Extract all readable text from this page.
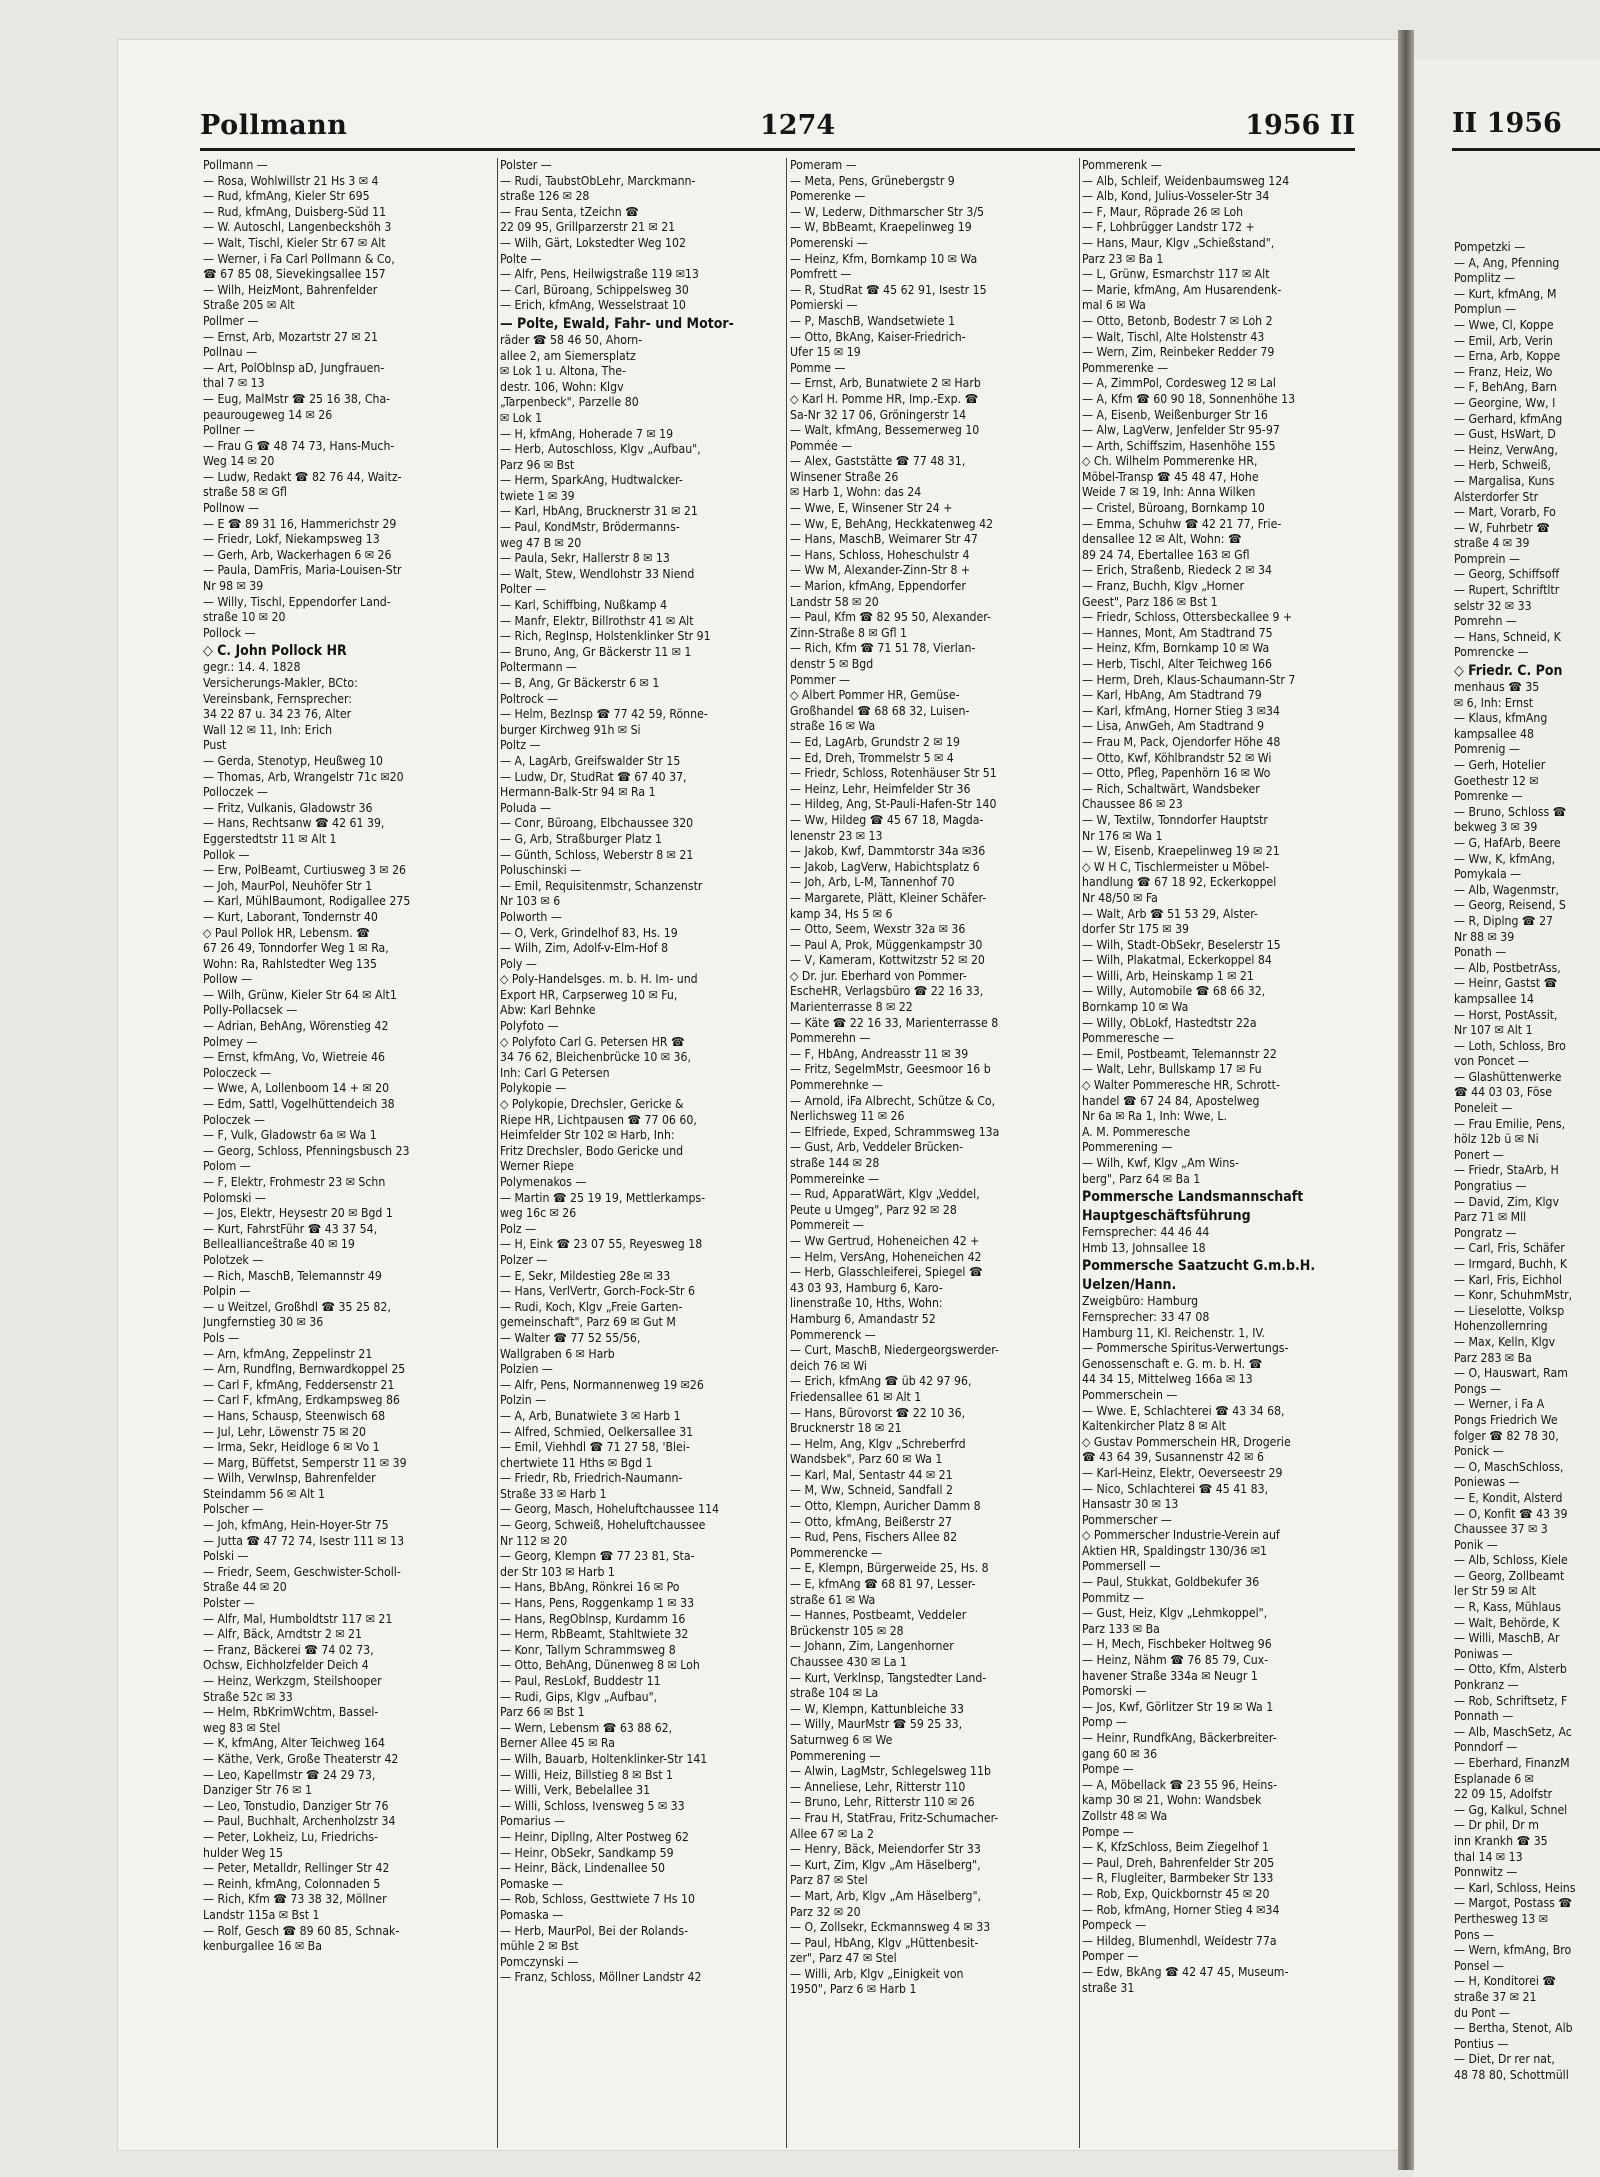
Pollmann	1274	1956 II
Pollmann —
— Rosa, Wohlwillstr 21 Hs 3 ✉ 4
— Rud, kfmAng, Kieler Str 695
— Rud, kfmAng, Duisberg-Süd 11
— W. Autoschl, Langenbeckshöh 3
— Walt, Tischl, Kieler Str 67 ✉ Alt
— Werner, i Fa Carl Pollmann & Co,
☎ 67 85 08, Sievekingsallee 157
— Wilh, HeizMont, Bahrenfelder
Straße 205 ✉ Alt
Pollmer —
— Ernst, Arb, Mozartstr 27 ✉ 21
Pollnau —
— Art, PolOblnsp aD, Jungfrauen-
thal 7 ✉ 13
— Eug, MalMstr ☎ 25 16 38, Cha-
peaurougeweg 14 ✉ 26
Pollner —
— Frau G ☎ 48 74 73, Hans-Much-
Weg 14 ✉ 20
— Ludw, Redakt ☎ 82 76 44, Waitz-
straße 58 ✉ Gfl
Pollnow —
— E ☎ 89 31 16, Hammerichstr 29
— Friedr, Lokf, Niekampsweg 13
— Gerh, Arb, Wackerhagen 6 ✉ 26
— Paula, DamFris, Maria-Louisen-Str
Nr 98 ✉ 39
— Willy, Tischl, Eppendorfer Land-
straße 10 ✉ 20
Pollock —
◇ C. John Pollock HR
gegr.: 14. 4. 1828
Versicherungs-Makler, BCto:
Vereinsbank, Fernsprecher:
34 22 87 u. 34 23 76, Alter
Wall 12 ✉ 11, Inh: Erich
Pust
— Gerda, Stenotyp, Heußweg 10
— Thomas, Arb, Wrangelstr 71c ✉20
Polloczek —
— Fritz, Vulkanis, Gladowstr 36
— Hans, Rechtsanw ☎ 42 61 39,
Eggerstedtstr 11 ✉ Alt 1
Pollok —
— Erw, PolBeamt, Curtiusweg 3 ✉ 26
— Joh, MaurPol, Neuhöfer Str 1
— Karl, MühlBaumont, Rodigallee 275
— Kurt, Laborant, Tondernstr 40
◇ Paul Pollok HR, Lebensm. ☎
67 26 49, Tonndorfer Weg 1 ✉ Ra,
Wohn: Ra, Rahlstedter Weg 135
Pollow —
— Wilh, Grünw, Kieler Str 64 ✉ Alt1
Polly-Pollacsek —
— Adrian, BehAng, Wörenstieg 42
Polmey —
— Ernst, kfmAng, Vo, Wietreie 46
Poloczeck —
— Wwe, A, Lollenboom 14 + ✉ 20
— Edm, Sattl, Vogelhüttendeich 38
Poloczek —
— F, Vulk, Gladowstr 6a ✉ Wa 1
— Georg, Schloss, Pfenningsbusch 23
Polom —
— F, Elektr, Frohmestr 23 ✉ Schn
Polomski —
— Jos, Elektr, Heysestr 20 ✉ Bgd 1
— Kurt, FahrstFühr ☎ 43 37 54,
Belleallianceštraße 40 ✉ 19
Polotzek —
— Rich, MaschB, Telemannstr 49
Polpin —
— u Weitzel, Großhdl ☎ 35 25 82,
Jungfernstieg 30 ✉ 36
Pols —
— Arn, kfmAng, Zeppelinstr 21
— Arn, RundfIng, Bernwardkoppel 25
— Carl F, kfmAng, Feddersenstr 21
— Carl F, kfmAng, Erdkampsweg 86
— Hans, Schausp, Steenwisch 68
— Jul, Lehr, Löwenstr 75 ✉ 20
— Irma, Sekr, Heidloge 6 ✉ Vo 1
— Marg, Büffetst, Semperstr 11 ✉ 39
— Wilh, VerwInsp, Bahrenfelder
Steindamm 56 ✉ Alt 1
Polscher —
— Joh, kfmAng, Hein-Hoyer-Str 75
— Jutta ☎ 47 72 74, Isestr 111 ✉ 13
Polski —
— Friedr, Seem, Geschwister-Scholl-
Straße 44 ✉ 20
Polster —
— Alfr, Mal, Humboldtstr 117 ✉ 21
— Alfr, Bäck, Arndtstr 2 ✉ 21
— Franz, Bäckerei ☎ 74 02 73,
Ochsw, Eichholzfelder Deich 4
— Heinz, Werkzgm, Steilshooper
Straße 52c ✉ 33
— Helm, RbKrimWchtm, Bassel-
weg 83 ✉ Stel
— K, kfmAng, Alter Teichweg 164
— Käthe, Verk, Große Theaterstr 42
— Leo, Kapellmstr ☎ 24 29 73,
Danziger Str 76 ✉ 1
— Leo, Tonstudio, Danziger Str 76
— Paul, Buchhalt, Archenholzstr 34
— Peter, Lokheiz, Lu, Friedrichs-
hulder Weg 15
— Peter, Metalldr, Rellinger Str 42
— Reinh, kfmAng, Colonnaden 5
— Rich, Kfm ☎ 73 38 32, Möllner
Landstr 115a ✉ Bst 1
— Rolf, Gesch ☎ 89 60 85, Schnak-
kenburgallee 16 ✉ Ba
Polster —
— Rudi, TaubstObLehr, Marckmann-
straße 126 ✉ 28
— Frau Senta, tZeichn ☎
22 09 95, Grillparzerstr 21 ✉ 21
— Wilh, Gärt, Lokstedter Weg 102
Polte —
— Alfr, Pens, Heilwigstraße 119 ✉13
— Carl, Büroang, Schippelsweg 30
— Erich, kfmAng, Wesselstraat 10
— Polte, Ewald, Fahr- und Motor-
räder ☎ 58 46 50, Ahorn-
allee 2, am Siemersplatz
✉ Lok 1 u. Altona, The-
destr. 106, Wohn: Klgv
„Tarpenbeck", Parzelle 80
✉ Lok 1
— H, kfmAng, Hoherade 7 ✉ 19
— Herb, Autoschloss, Klgv „Aufbau",
Parz 96 ✉ Bst
— Herm, SparkAng, Hudtwalcker-
twiete 1 ✉ 39
— Karl, HbAng, Brucknerstr 31 ✉ 21
— Paul, KondMstr, Brödermanns-
weg 47 B ✉ 20
— Paula, Sekr, Hallerstr 8 ✉ 13
— Walt, Stew, Wendlohstr 33 Niend
Polter —
— Karl, Schiffbing, Nußkamp 4
— Manfr, Elektr, Billrothstr 41 ✉ Alt
— Rich, RegInsp, Holstenklinker Str 91
— Bruno, Ang, Gr Bäckerstr 11 ✉ 1
Poltermann —
— B, Ang, Gr Bäckerstr 6 ✉ 1
Poltrock —
— Helm, BezInsp ☎ 77 42 59, Rönne-
burger Kirchweg 91h ✉ Si
Poltz —
— A, LagArb, Greifswalder Str 15
— Ludw, Dr, StudRat ☎ 67 40 37,
Hermann-Balk-Str 94 ✉ Ra 1
Poluda —
— Conr, Büroang, Elbchaussee 320
— G, Arb, Straßburger Platz 1
— Günth, Schloss, Weberstr 8 ✉ 21
Poluschinski —
— Emil, Requisitenmstr, Schanzenstr
Nr 103 ✉ 6
Polworth —
— O, Verk, Grindelhof 83, Hs. 19
— Wilh, Zim, Adolf-v-Elm-Hof 8
Poly —
◇ Poly-Handelsges. m. b. H. Im- und
Export HR, Carpserweg 10 ✉ Fu,
Abw: Karl Behnke
Polyfoto —
◇ Polyfoto Carl G. Petersen HR ☎
34 76 62, Bleichenbrücke 10 ✉ 36,
Inh: Carl G Petersen
Polykopie —
◇ Polykopie, Drechsler, Gericke &
Riepe HR, Lichtpausen ☎ 77 06 60,
Heimfelder Str 102 ✉ Harb, Inh:
Fritz Drechsler, Bodo Gericke und
Werner Riepe
Polymenakos —
— Martin ☎ 25 19 19, Mettlerkamps-
weg 16c ✉ 26
Polz —
— H, Eink ☎ 23 07 55, Reyesweg 18
Polzer —
— E, Sekr, Mildestieg 28e ✉ 33
— Hans, VerlVertr, Gorch-Fock-Str 6
— Rudi, Koch, Klgv „Freie Garten-
gemeinschaft", Parz 69 ✉ Gut M
— Walter ☎ 77 52 55/56,
Wallgraben 6 ✉ Harb
Polzien —
— Alfr, Pens, Normannenweg 19 ✉26
Polzin —
— A, Arb, Bunatwiete 3 ✉ Harb 1
— Alfred, Schmied, Oelkersallee 31
— Emil, Viehhdl ☎ 71 27 58, 'Blei-
chertwiete 11 Hths ✉ Bgd 1
— Friedr, Rb, Friedrich-Naumann-
Straße 33 ✉ Harb 1
— Georg, Masch, Hoheluftchaussee 114
— Georg, Schweiß, Hoheluftchaussee
Nr 112 ✉ 20
— Georg, Klempn ☎ 77 23 81, Sta-
der Str 103 ✉ Harb 1
— Hans, BbAng, Rönkrei 16 ✉ Po
— Hans, Pens, Roggenkamp 1 ✉ 33
— Hans, RegOblnsp, Kurdamm 16
— Herm, RbBeamt, Stahltwiete 32
— Konr, Tallym Schrammsweg 8
— Otto, BehAng, Dünenweg 8 ✉ Loh
— Paul, ResLokf, Buddestr 11
— Rudi, Gips, Klgv „Aufbau",
Parz 66 ✉ Bst 1
— Wern, Lebensm ☎ 63 88 62,
Berner Allee 45 ✉ Ra
— Wilh, Bauarb, Holtenklinker-Str 141
— Willi, Heiz, Billstieg 8 ✉ Bst 1
— Willi, Verk, Bebelallee 31
— Willi, Schloss, Ivensweg 5 ✉ 33
Pomarius —
— Heinr, Dipllng, Alter Postweg 62
— Heinr, ObSekr, Sandkamp 59
— Heinr, Bäck, Lindenallee 50
Pomaske —
— Rob, Schloss, Gesttwiete 7 Hs 10
Pomaska —
— Herb, MaurPol, Bei der Rolands-
mühle 2 ✉ Bst
Pomczynski —
— Franz, Schloss, Möllner Landstr 42
Pomeram —
— Meta, Pens, Grünebergstr 9
Pomerenke —
— W, Lederw, Dithmarscher Str 3/5
— W, BbBeamt, Kraepelinweg 19
Pomerenski —
— Heinz, Kfm, Bornkamp 10 ✉ Wa
Pomfrett —
— R, StudRat ☎ 45 62 91, Isestr 15
Pomierski —
— P, MaschB, Wandsetwiete 1
— Otto, BkAng, Kaiser-Friedrich-
Ufer 15 ✉ 19
Pomme —
— Ernst, Arb, Bunatwiete 2 ✉ Harb
◇ Karl H. Pomme HR, Imp.-Exp. ☎
Sa-Nr 32 17 06, Gröningerstr 14
— Walt, kfmAng, Bessemerweg 10
Pommée —
— Alex, Gaststätte ☎ 77 48 31,
Winsener Straße 26
✉ Harb 1, Wohn: das 24
— Wwe, E, Winsener Str 24 +
— Ww, E, BehAng, Heckkatenweg 42
— Hans, MaschB, Weimarer Str 47
— Hans, Schloss, Hoheschulstr 4
— Ww M, Alexander-Zinn-Str 8 +
— Marion, kfmAng, Eppendorfer
Landstr 58 ✉ 20
— Paul, Kfm ☎ 82 95 50, Alexander-
Zinn-Straße 8 ✉ Gfl 1
— Rich, Kfm ☎ 71 51 78, Vierlan-
denstr 5 ✉ Bgd
Pommer —
◇ Albert Pommer HR, Gemüse-
Großhandel ☎ 68 68 32, Luisen-
straße 16 ✉ Wa
— Ed, LagArb, Grundstr 2 ✉ 19
— Ed, Dreh, Trommelstr 5 ✉ 4
— Friedr, Schloss, Rotenhäuser Str 51
— Heinz, Lehr, Heimfelder Str 36
— Hildeg, Ang, St-Pauli-Hafen-Str 140
— Ww, Hildeg ☎ 45 67 18, Magda-
lenenstr 23 ✉ 13
— Jakob, Kwf, Dammtorstr 34a ✉36
— Jakob, LagVerw, Habichtsplatz 6
— Joh, Arb, L-M, Tannenhof 70
— Margarete, Plätt, Kleiner Schäfer-
kamp 34, Hs 5 ✉ 6
— Otto, Seem, Wexstr 32a ✉ 36
— Paul A, Prok, Müggenkampstr 30
— V, Kameram, Kottwitzstr 52 ✉ 20
◇ Dr. jur. Eberhard von Pommer-
EscheHR, Verlagsbüro ☎ 22 16 33,
Marienterrasse 8 ✉ 22
— Käte ☎ 22 16 33, Marienterrasse 8
Pommerehn —
— F, HbAng, Andreasstr 11 ✉ 39
— Fritz, SegelmMstr, Geesmoor 16 b
Pommerehnke —
— Arnold, iFa Albrecht, Schütze & Co,
Nerlichsweg 11 ✉ 26
— Elfriede, Exped, Schrammsweg 13a
— Gust, Arb, Veddeler Brücken-
straße 144 ✉ 28
Pommereinke —
— Rud, ApparatWärt, Klgv „Veddel,
Peute u Umgeg", Parz 92 ✉ 28
Pommereit —
— Ww Gertrud, Hoheneichen 42 +
— Helm, VersAng, Hoheneichen 42
— Herb, Glasschleiferei, Spiegel ☎
43 03 93, Hamburg 6, Karo-
linenstraße 10, Hths, Wohn:
Hamburg 6, Amandastr 52
Pommerenck —
— Curt, MaschB, Niedergeorgswerder-
deich 76 ✉ Wi
— Erich, kfmAng ☎ üb 42 97 96,
Friedensallee 61 ✉ Alt 1
— Hans, Bürovorst ☎ 22 10 36,
Brucknerstr 18 ✉ 21
— Helm, Ang, Klgv „Schreberfrd
Wandsbek", Parz 60 ✉ Wa 1
— Karl, Mal, Sentastr 44 ✉ 21
— M, Ww, Schneid, Sandfall 2
— Otto, Klempn, Auricher Damm 8
— Otto, kfmAng, Beißerstr 27
— Rud, Pens, Fischers Allee 82
Pommerencke —
— E, Klempn, Bürgerweide 25, Hs. 8
— E, kfmAng ☎ 68 81 97, Lesser-
straße 61 ✉ Wa
— Hannes, Postbeamt, Veddeler
Brückenstr 105 ✉ 28
— Johann, Zim, Langenhorner
Chaussee 430 ✉ La 1
— Kurt, Verklnsp, Tangstedter Land-
straße 104 ✉ La
— W, Klempn, Kattunbleiche 33
— Willy, MaurMstr ☎ 59 25 33,
Saturnweg 6 ✉ We
Pommerening —
— Alwin, LagMstr, Schlegelsweg 11b
— Anneliese, Lehr, Ritterstr 110
— Bruno, Lehr, Ritterstr 110 ✉ 26
— Frau H, StatFrau, Fritz-Schumacher-
Allee 67 ✉ La 2
— Henry, Bäck, Meiendorfer Str 33
— Kurt, Zim, Klgv „Am Häselberg",
Parz 87 ✉ Stel
— Mart, Arb, Klgv „Am Häselberg",
Parz 32 ✉ 20
— O, Zollsekr, Eckmannsweg 4 ✉ 33
— Paul, HbAng, Klgv „Hüttenbesit-
zer", Parz 47 ✉ Stel
— Willi, Arb, Klgv „Einigkeit von
1950", Parz 6 ✉ Harb 1
Pommerenk —
— Alb, Schleif, Weidenbaumsweg 124
— Alb, Kond, Julius-Vosseler-Str 34
— F, Maur, Röprade 26 ✉ Loh
— F, Lohbrügger Landstr 172 +
— Hans, Maur, Klgv „Schießstand",
Parz 23 ✉ Ba 1
— L, Grünw, Esmarchstr 117 ✉ Alt
— Marie, kfmAng, Am Husarendenk-
mal 6 ✉ Wa
— Otto, Betonb, Bodestr 7 ✉ Loh 2
— Walt, Tischl, Alte Holstenstr 43
— Wern, Zim, Reinbeker Redder 79
Pommerenke —
— A, ZimmPol, Cordesweg 12 ✉ Lal
— A, Kfm ☎ 60 90 18, Sonnenhöhe 13
— A, Eisenb, Weißenburger Str 16
— Alw, LagVerw, Jenfelder Str 95-97
— Arth, Schiffszim, Hasenhöhe 155
◇ Ch. Wilhelm Pommerenke HR,
Möbel-Transp ☎ 45 48 47, Hohe
Weide 7 ✉ 19, Inh: Anna Wilken
— Cristel, Büroang, Bornkamp 10
— Emma, Schuhw ☎ 42 21 77, Frie-
densallee 12 ✉ Alt, Wohn: ☎
89 24 74, Ebertallee 163 ✉ Gfl
— Erich, Straßenb, Riedeck 2 ✉ 34
— Franz, Buchh, Klgv „Horner
Geest", Parz 186 ✉ Bst 1
— Friedr, Schloss, Ottersbeckallee 9 +
— Hannes, Mont, Am Stadtrand 75
— Heinz, Kfm, Bornkamp 10 ✉ Wa
— Herb, Tischl, Alter Teichweg 166
— Herm, Dreh, Klaus-Schaumann-Str 7
— Karl, HbAng, Am Stadtrand 79
— Karl, kfmAng, Horner Stieg 3 ✉34
— Lisa, AnwGeh, Am Stadtrand 9
— Frau M, Pack, Ojendorfer Höhe 48
— Otto, Kwf, Köhlbrandstr 52 ✉ Wi
— Otto, Pfleg, Papenhörn 16 ✉ Wo
— Rich, Schaltwärt, Wandsbeker
Chaussee 86 ✉ 23
— W, Textilw, Tonndorfer Hauptstr
Nr 176 ✉ Wa 1
— W, Eisenb, Kraepelinweg 19 ✉ 21
◇ W H C, Tischlermeister u Möbel-
handlung ☎ 67 18 92, Eckerkoppel
Nr 48/50 ✉ Fa
— Walt, Arb ☎ 51 53 29, Alster-
dorfer Str 175 ✉ 39
— Wilh, Stadt-ObSekr, Beselerstr 15
— Wilh, Plakatmal, Eckerkoppel 84
— Willi, Arb, Heinskamp 1 ✉ 21
— Willy, Automobile ☎ 68 66 32,
Bornkamp 10 ✉ Wa
— Willy, ObLokf, Hastedtstr 22a
Pommeresche —
— Emil, Postbeamt, Telemannstr 22
— Walt, Lehr, Bullskamp 17 ✉ Fu
◇ Walter Pommeresche HR, Schrott-
handel ☎ 67 24 84, Apostelweg
Nr 6a ✉ Ra 1, Inh: Wwe, L.
A. M. Pommeresche
Pommerening —
— Wilh, Kwf, Klgv „Am Wins-
berg", Parz 64 ✉ Ba 1
Pommersche Landsmannschaft
Hauptgeschäftsführung
Fernsprecher: 44 46 44
Hmb 13, Johnsallee 18
Pommersche Saatzucht G.m.b.H.
Uelzen/Hann.
Zweigbüro: Hamburg
Fernsprecher: 33 47 08
Hamburg 11, Kl. Reichenstr. 1, IV.
— Pommersche Spiritus-Verwertungs-
Genossenschaft e. G. m. b. H. ☎
44 34 15, Mittelweg 166a ✉ 13
Pommerschein —
— Wwe. E, Schlachterei ☎ 43 34 68,
Kaltenkircher Platz 8 ✉ Alt
◇ Gustav Pommerschein HR, Drogerie
☎ 43 64 39, Susannenstr 42 ✉ 6
— Karl-Heinz, Elektr, Oeverseestr 29
— Nico, Schlachterei ☎ 45 41 83,
Hansastr 30 ✉ 13
Pommerscher —
◇ Pommerscher Industrie-Verein auf
Aktien HR, Spaldingstr 130/36 ✉1
Pommersell —
— Paul, Stukkat, Goldbekufer 36
Pommitz —
— Gust, Heiz, Klgv „Lehmkoppel",
Parz 133 ✉ Ba
— H, Mech, Fischbeker Holtweg 96
— Heinz, Nähm ☎ 76 85 79, Cux-
havener Straße 334a ✉ Neugr 1
Pomorski —
— Jos, Kwf, Görlitzer Str 19 ✉ Wa 1
Pomp —
— Heinr, RundfkAng, Bäckerbreiter-
gang 60 ✉ 36
Pompe —
— A, Möbellack ☎ 23 55 96, Heins-
kamp 30 ✉ 21, Wohn: Wandsbek
Zollstr 48 ✉ Wa
Pompe —
— K, KfzSchloss, Beim Ziegelhof 1
— Paul, Dreh, Bahrenfelder Str 205
— R, Flugleiter, Barmbeker Str 133
— Rob, Exp, Quickbornstr 45 ✉ 20
— Rob, kfmAng, Horner Stieg 4 ✉34
Pompeck —
— Hildeg, Blumenhdl, Weidestr 77a
Pomper —
— Edw, BkAng ☎ 42 47 45, Museum-
straße 31
II 1956
Pompetzki —
— A, Ang, Pfenning
Pomplitz —
— Kurt, kfmAng, M
Pomplun —
— Wwe, Cl, Koppe
— Emil, Arb, Verin
— Erna, Arb, Koppe
— Franz, Heiz, Wo
— F, BehAng, Barn
— Georgine, Ww, I
— Gerhard, kfmAng
— Gust, HsWart, D
— Heinz, VerwAng,
— Herb, Schweiß,
— Margalisa, Kuns
Alsterdorfer Str
— Mart, Vorarb, Fo
— W, Fuhrbetr ☎
straße 4 ✉ 39
Pomprein —
— Georg, Schiffsoff
— Rupert, Schriftltr
selstr 32 ✉ 33
Pomrehn —
— Hans, Schneid, K
Pomrencke —
◇ Friedr. C. Pon
menhaus ☎ 35
✉ 6, Inh: Ernst
— Klaus, kfmAng
kampsallee 48
Pomrenig —
— Gerh, Hotelier
Goethestr 12 ✉
Pomrenke —
— Bruno, Schloss ☎
bekweg 3 ✉ 39
— G, HafArb, Beere
— Ww, K, kfmAng,
Pomykala —
— Alb, Wagenmstr,
— Georg, Reisend, S
— R, Diplng ☎ 27
Nr 88 ✉ 39
Ponath —
— Alb, PostbetrAss,
— Heinr, Gastst ☎
kampsallee 14
— Horst, PostAssit,
Nr 107 ✉ Alt 1
— Loth, Schloss, Bro
von Poncet —
— Glashüttenwerke
☎ 44 03 03, Föse
Poneleit —
— Frau Emilie, Pens,
hölz 12b ü ✉ Ni
Ponert —
— Friedr, StaArb, H
Pongratius —
— David, Zim, Klgv
Parz 71 ✉ Mll
Pongratz —
— Carl, Fris, Schäfer
— Irmgard, Buchh, K
— Karl, Fris, Eichhol
— Konr, SchuhmMstr,
— Lieselotte, Volksp
Hohenzollernring
— Max, Kelln, Klgv
Parz 283 ✉ Ba
— O, Hauswart, Ram
Pongs —
— Werner, i Fa A
Pongs Friedrich We
folger ☎ 82 78 30,
Ponick —
— O, MaschSchloss,
Poniewas —
— E, Kondit, Alsterd
— O, Konfit ☎ 43 39
Chaussee 37 ✉ 3
Ponik —
— Alb, Schloss, Kiele
— Georg, Zollbeamt
ler Str 59 ✉ Alt
— R, Kass, Mühlaus
— Walt, Behörde, K
— Willi, MaschB, Ar
Poniwas —
— Otto, Kfm, Alsterb
Ponkranz —
— Rob, Schriftsetz, F
Ponnath —
— Alb, MaschSetz, Ac
Ponndorf —
— Eberhard, FinanzM
Esplanade 6 ✉
22 09 15, Adolfstr
— Gg, Kalkul, Schnel
— Dr phil, Dr m
inn Krankh ☎ 35
thal 14 ✉ 13
Ponnwitz —
— Karl, Schloss, Heins
— Margot, Postass ☎
Perthesweg 13 ✉
Pons —
— Wern, kfmAng, Bro
Ponsel —
— H, Konditorei ☎
straße 37 ✉ 21
du Pont —
— Bertha, Stenot, Alb
Pontius —
— Diet, Dr rer nat,
48 78 80, Schottmüll
